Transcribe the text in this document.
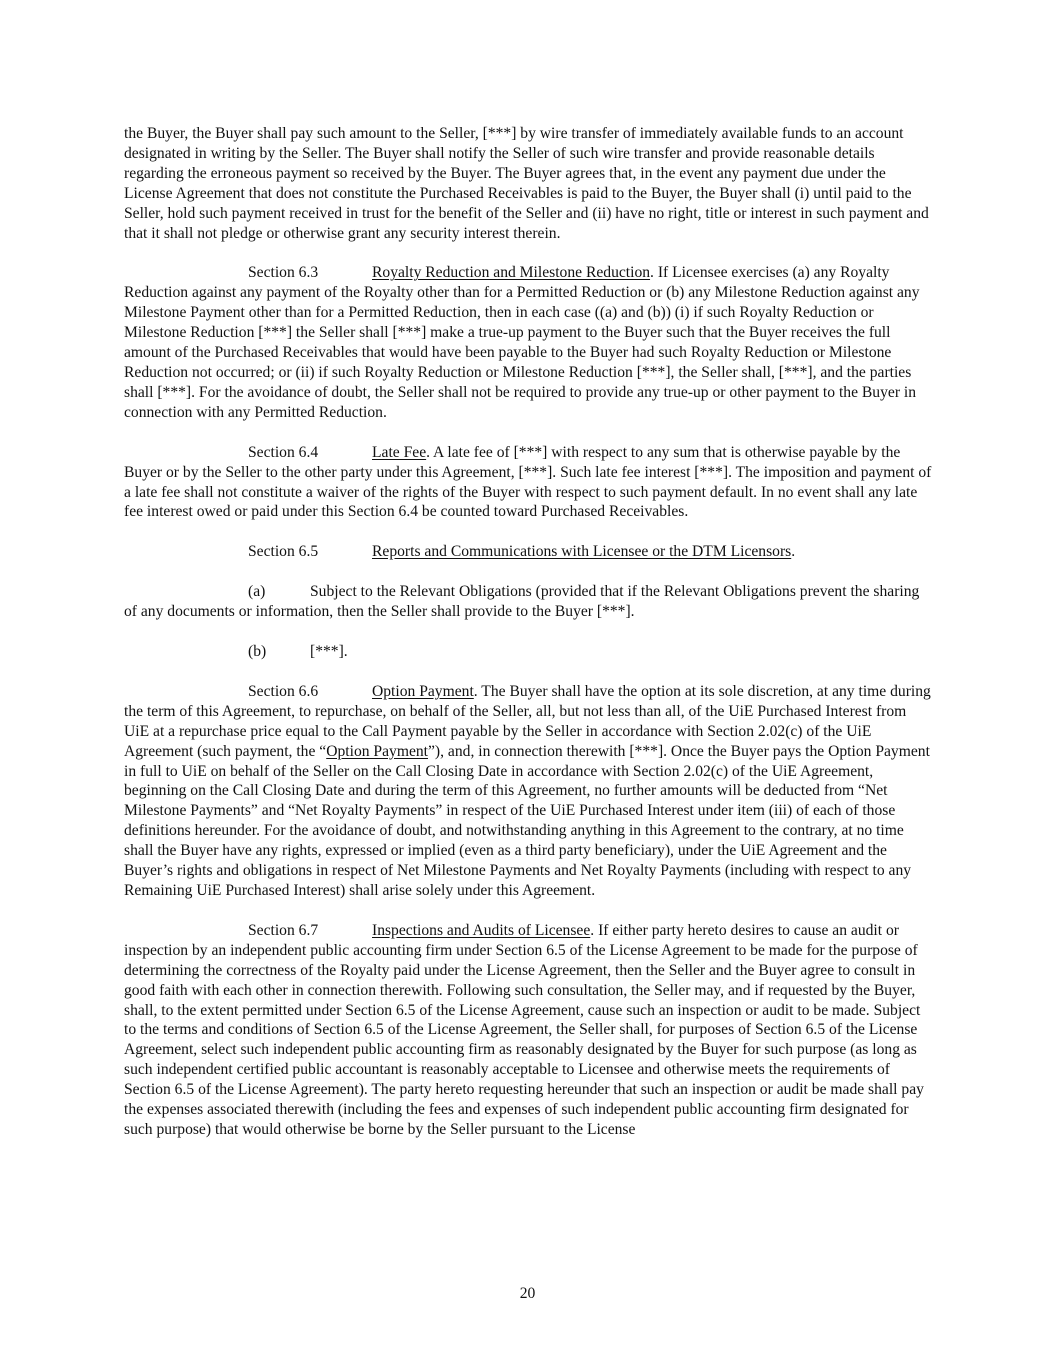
the Buyer, the Buyer shall pay such amount to the Seller, [***] by wire transfer of immediately available funds to an account designated in writing by the Seller. The Buyer shall notify the Seller of such wire transfer and provide reasonable details regarding the erroneous payment so received by the Buyer. The Buyer agrees that, in the event any payment due under the License Agreement that does not constitute the Purchased Receivables is paid to the Buyer, the Buyer shall (i) until paid to the Seller, hold such payment received in trust for the benefit of the Seller and (ii) have no right, title or interest in such payment and that it shall not pledge or otherwise grant any security interest therein.

Section 6.3	Royalty Reduction and Milestone Reduction. If Licensee exercises (a) any Royalty Reduction against any payment of the Royalty other than for a Permitted Reduction or (b) any Milestone Reduction against any Milestone Payment other than for a Permitted Reduction, then in each case ((a) and (b)) (i) if such Royalty Reduction or Milestone Reduction [***] the Seller shall [***] make a true-up payment to the Buyer such that the Buyer receives the full amount of the Purchased Receivables that would have been payable to the Buyer had such Royalty Reduction or Milestone Reduction not occurred; or (ii) if such Royalty Reduction or Milestone Reduction [***], the Seller shall, [***], and the parties shall [***]. For the avoidance of doubt, the Seller shall not be required to provide any true-up or other payment to the Buyer in connection with any Permitted Reduction.

Section 6.4	Late Fee. A late fee of [***] with respect to any sum that is otherwise payable by the Buyer or by the Seller to the other party under this Agreement, [***]. Such late fee interest [***]. The imposition and payment of a late fee shall not constitute a waiver of the rights of the Buyer with respect to such payment default. In no event shall any late fee interest owed or paid under this Section 6.4 be counted toward Purchased Receivables.

Section 6.5	Reports and Communications with Licensee or the DTM Licensors.

(a)	Subject to the Relevant Obligations (provided that if the Relevant Obligations prevent the sharing of any documents or information, then the Seller shall provide to the Buyer [***].

(b)	[***].

Section 6.6	Option Payment. The Buyer shall have the option at its sole discretion, at any time during the term of this Agreement, to repurchase, on behalf of the Seller, all, but not less than all, of the UiE Purchased Interest from UiE at a repurchase price equal to the Call Payment payable by the Seller in accordance with Section 2.02(c) of the UiE Agreement (such payment, the “Option Payment”), and, in connection therewith [***]. Once the Buyer pays the Option Payment in full to UiE on behalf of the Seller on the Call Closing Date in accordance with Section 2.02(c) of the UiE Agreement, beginning on the Call Closing Date and during the term of this Agreement, no further amounts will be deducted from “Net Milestone Payments” and “Net Royalty Payments” in respect of the UiE Purchased Interest under item (iii) of each of those definitions hereunder. For the avoidance of doubt, and notwithstanding anything in this Agreement to the contrary, at no time shall the Buyer have any rights, expressed or implied (even as a third party beneficiary), under the UiE Agreement and the Buyer’s rights and obligations in respect of Net Milestone Payments and Net Royalty Payments (including with respect to any Remaining UiE Purchased Interest) shall arise solely under this Agreement.

Section 6.7	Inspections and Audits of Licensee. If either party hereto desires to cause an audit or inspection by an independent public accounting firm under Section 6.5 of the License Agreement to be made for the purpose of determining the correctness of the Royalty paid under the License Agreement, then the Seller and the Buyer agree to consult in good faith with each other in connection therewith. Following such consultation, the Seller may, and if requested by the Buyer, shall, to the extent permitted under Section 6.5 of the License Agreement, cause such an inspection or audit to be made. Subject to the terms and conditions of Section 6.5 of the License Agreement, the Seller shall, for purposes of Section 6.5 of the License Agreement, select such independent public accounting firm as reasonably designated by the Buyer for such purpose (as long as such independent certified public accountant is reasonably acceptable to Licensee and otherwise meets the requirements of Section 6.5 of the License Agreement). The party hereto requesting hereunder that such an inspection or audit be made shall pay the expenses associated therewith (including the fees and expenses of such independent public accounting firm designated for such purpose) that would otherwise be borne by the Seller pursuant to the License

20
